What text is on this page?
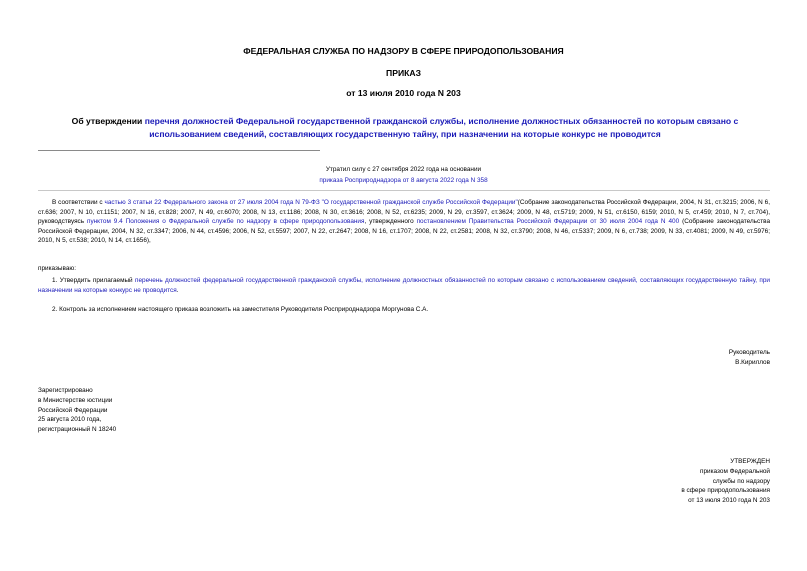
ФЕДЕРАЛЬНАЯ СЛУЖБА ПО НАДЗОРУ В СФЕРЕ ПРИРОДОПОЛЬЗОВАНИЯ
ПРИКАЗ
от 13 июля 2010 года N 203
Об утверждении перечня должностей Федеральной государственной гражданской службы, исполнение должностных обязанностей по которым связано с использованием сведений, составляющих государственную тайну, при назначении на которые конкурс не проводится
Утратил силу с 27 сентября 2022 года на основании
приказа Росприроднадзора от 8 августа 2022 года N 358
В соответствии с частью 3 статьи 22 Федерального закона от 27 июля 2004 года N 79-ФЗ "О государственной гражданской службе Российской Федерации"(Собрание законодательства Российской Федерации, 2004, N 31, ст.3215; 2006, N 6, ст.636; 2007, N 10, ст.1151; 2007, N 16, ст.828; 2007, N 49, ст.6070; 2008, N 13, ст.1186; 2008, N 30, ст.3616; 2008, N 52, ст.6235; 2009, N 29, ст.3597, ст.3624; 2009, N 48, ст.5719; 2009, N 51, ст.6150, 6159; 2010, N 5, ст.459; 2010, N 7, ст.704), руководствуясь пунктом 9.4 Положения о Федеральной службе по надзору в сфере природопользования, утвержденного постановлением Правительства Российской Федерации от 30 июля 2004 года N 400 (Собрание законодательства Российской Федерации, 2004, N 32, ст.3347; 2006, N 44, ст.4596; 2006, N 52, ст.5597; 2007, N 22, ст.2647; 2008, N 16, ст.1707; 2008, N 22, ст.2581; 2008, N 32, ст.3790; 2008, N 46, ст.5337; 2009, N 6, ст.738; 2009, N 33, ст.4081; 2009, N 49, ст.5976; 2010, N 5, ст.538; 2010, N 14, ст.1656),
приказываю:
1. Утвердить прилагаемый перечень должностей федеральной государственной гражданской службы, исполнение должностных обязанностей по которым связано с использованием сведений, составляющих государственную тайну, при назначении на которые конкурс не проводится.
2. Контроль за исполнением настоящего приказа возложить на заместителя Руководителя Росприроднадзора Моргунова С.А.
Руководитель
В.Кириллов
Зарегистрировано
в Министерстве юстиции
Российской Федерации
25 августа 2010 года,
регистрационный N 18240
УТВЕРЖДЕН
приказом Федеральной
службы по надзору
в сфере природопользования
от 13 июля 2010 года N 203
